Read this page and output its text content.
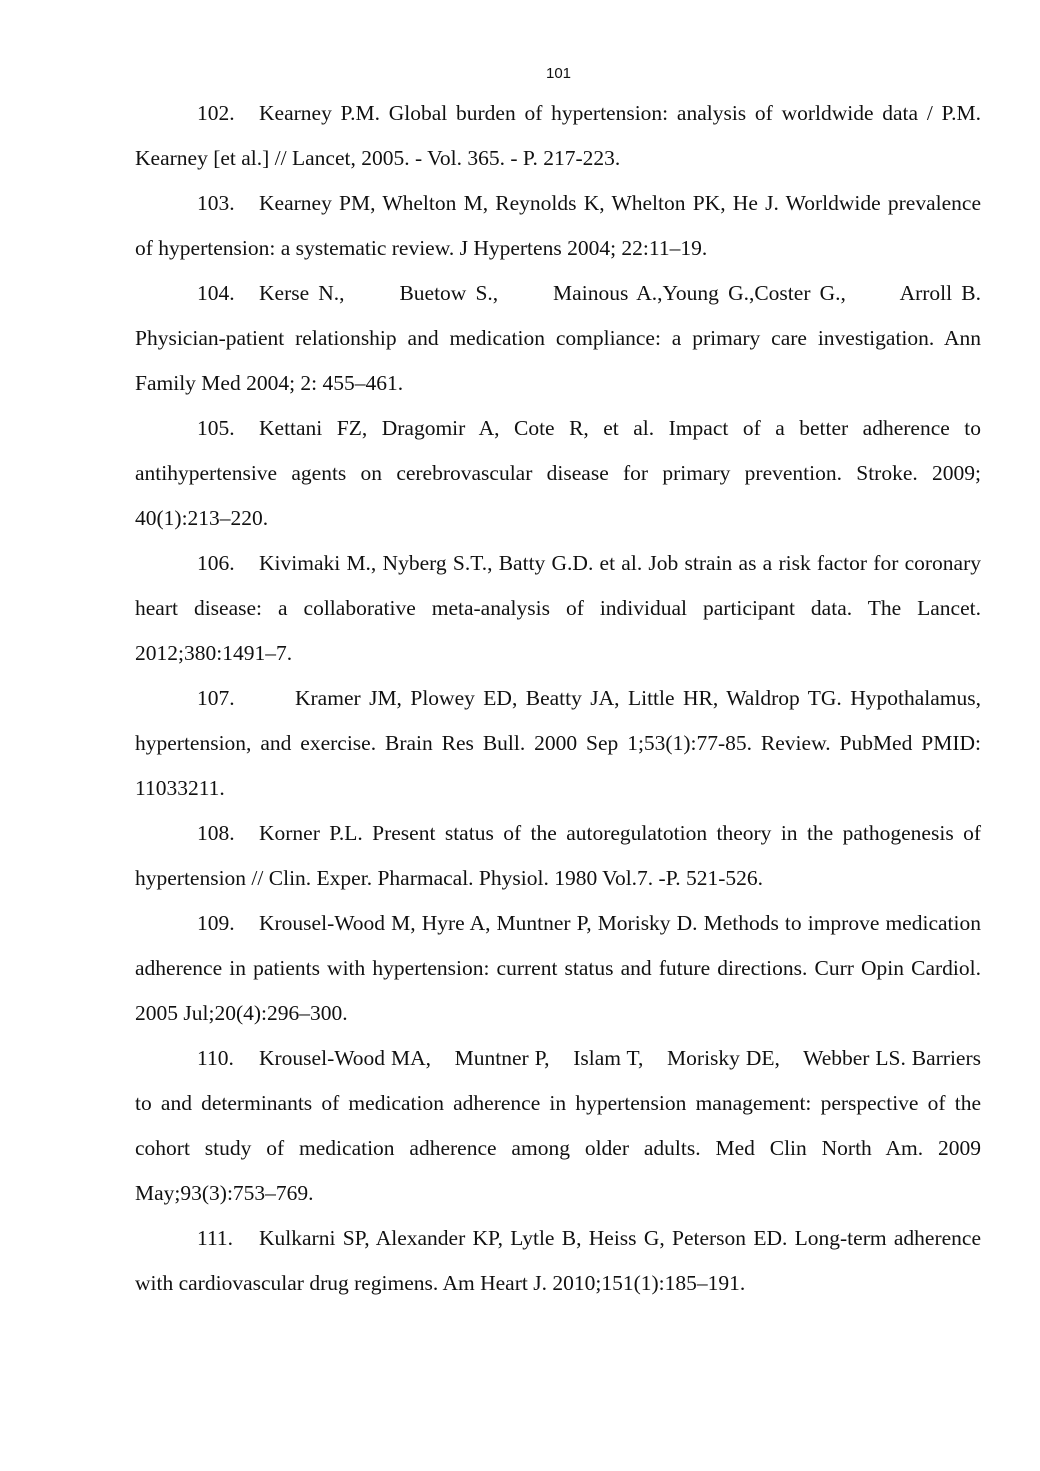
101
102. Kearney P.M. Global burden of hypertension: analysis of worldwide data / P.M. Kearney [et al.] // Lancet, 2005. - Vol. 365. - P. 217-223.
103. Kearney PM, Whelton M, Reynolds K, Whelton PK, He J. Worldwide prevalence of hypertension: a systematic review. J Hypertens 2004; 22:11–19.
104. Kerse N.,      Buetow S.,      Mainous A.,Young G.,Coster G.,      Arroll B. Physician-patient relationship and medication compliance: a primary care investigation. Ann Family Med 2004; 2: 455–461.
105. Kettani FZ, Dragomir A, Cote R, et al. Impact of a better adherence to antihypertensive agents on cerebrovascular disease for primary prevention. Stroke. 2009; 40(1):213–220.
106. Kivimaki M., Nyberg S.T., Batty G.D. et al. Job strain as a risk factor for coronary heart disease: a collaborative meta-analysis of individual participant data. The Lancet. 2012;380:1491–7.
107.	Kramer JM, Plowey ED, Beatty JA, Little HR, Waldrop TG. Hypothalamus, hypertension, and exercise. Brain Res Bull. 2000 Sep 1;53(1):77-85. Review. PubMed PMID: 11033211.
108. Korner P.L. Present status of the autoregulatotion theory in the pathogenesis of hypertension // Clin. Exper. Pharmacal. Physiol. 1980 Vol.7. -P. 521-526.
109. Krousel-Wood M, Hyre A, Muntner P, Morisky D. Methods to improve medication adherence in patients with hypertension: current status and future directions. Curr Opin Cardiol. 2005 Jul;20(4):296–300.
110. Krousel-Wood MA,    Muntner P,    Islam T,    Morisky DE,    Webber LS. Barriers to and determinants of medication adherence in hypertension management: perspective of the cohort study of medication adherence among older adults. Med Clin North Am. 2009 May;93(3):753–769.
111. Kulkarni SP, Alexander KP, Lytle B, Heiss G, Peterson ED. Long-term adherence with cardiovascular drug regimens. Am Heart J. 2010;151(1):185–191.
